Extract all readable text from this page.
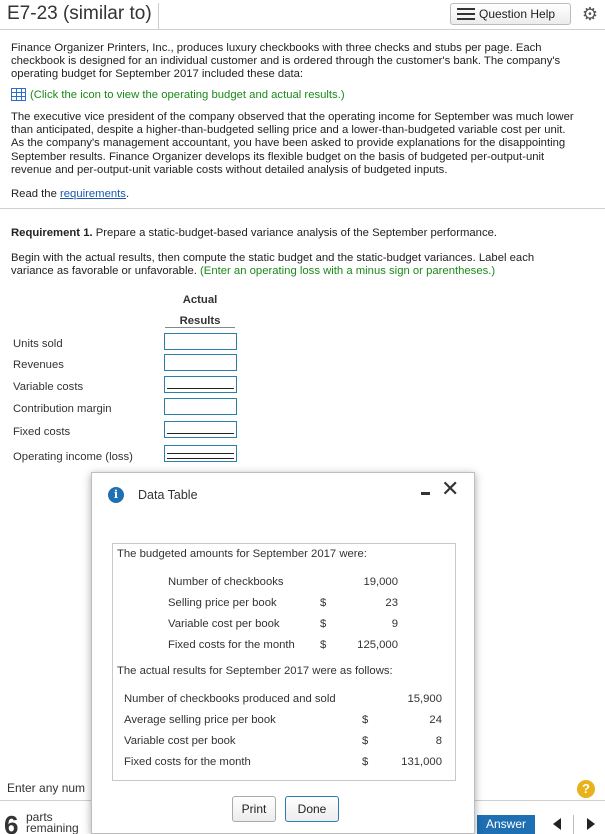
E7-23 (similar to)	Question Help ⚙
Finance Organizer Printers, Inc., produces luxury checkbooks with three checks and stubs per page. Each
checkbook is designed for an individual customer and is ordered through the customer's bank. The company's
operating budget for September 2017 included these data:
(Click the icon to view the operating budget and actual results.)
The executive vice president of the company observed that the operating income for September was much lower
than anticipated, despite a higher-than-budgeted selling price and a lower-than-budgeted variable cost per unit.
As the company's management accountant, you have been asked to provide explanations for the disappointing
September results. Finance Organizer develops its flexible budget on the basis of budgeted per-output-unit
revenue and per-output-unit variable costs without detailed analysis of budgeted inputs.
Read the requirements.
Requirement 1. Prepare a static-budget-based variance analysis of the September performance.
Begin with the actual results, then compute the static budget and the static-budget variances. Label each
variance as favorable or unfavorable. (Enter an operating loss with a minus sign or parentheses.)
Actual
Results
Units sold
Revenues
Variable costs
Contribution margin
Fixed costs
Operating income (loss)
Enter any num
6 parts
remaining
?
Answer
i	Data Table	✕
The budgeted amounts for September 2017 were:
Number of checkbooks	19,000
Selling price per book	$	23
Variable cost per book	$	9
Fixed costs for the month $	125,000
The actual results for September 2017 were as follows:
Number of checkbooks produced and sold	15,900
Average selling price per book	$	24
Variable cost per book	$	8
Fixed costs for the month	$	131,000
Print	Done
